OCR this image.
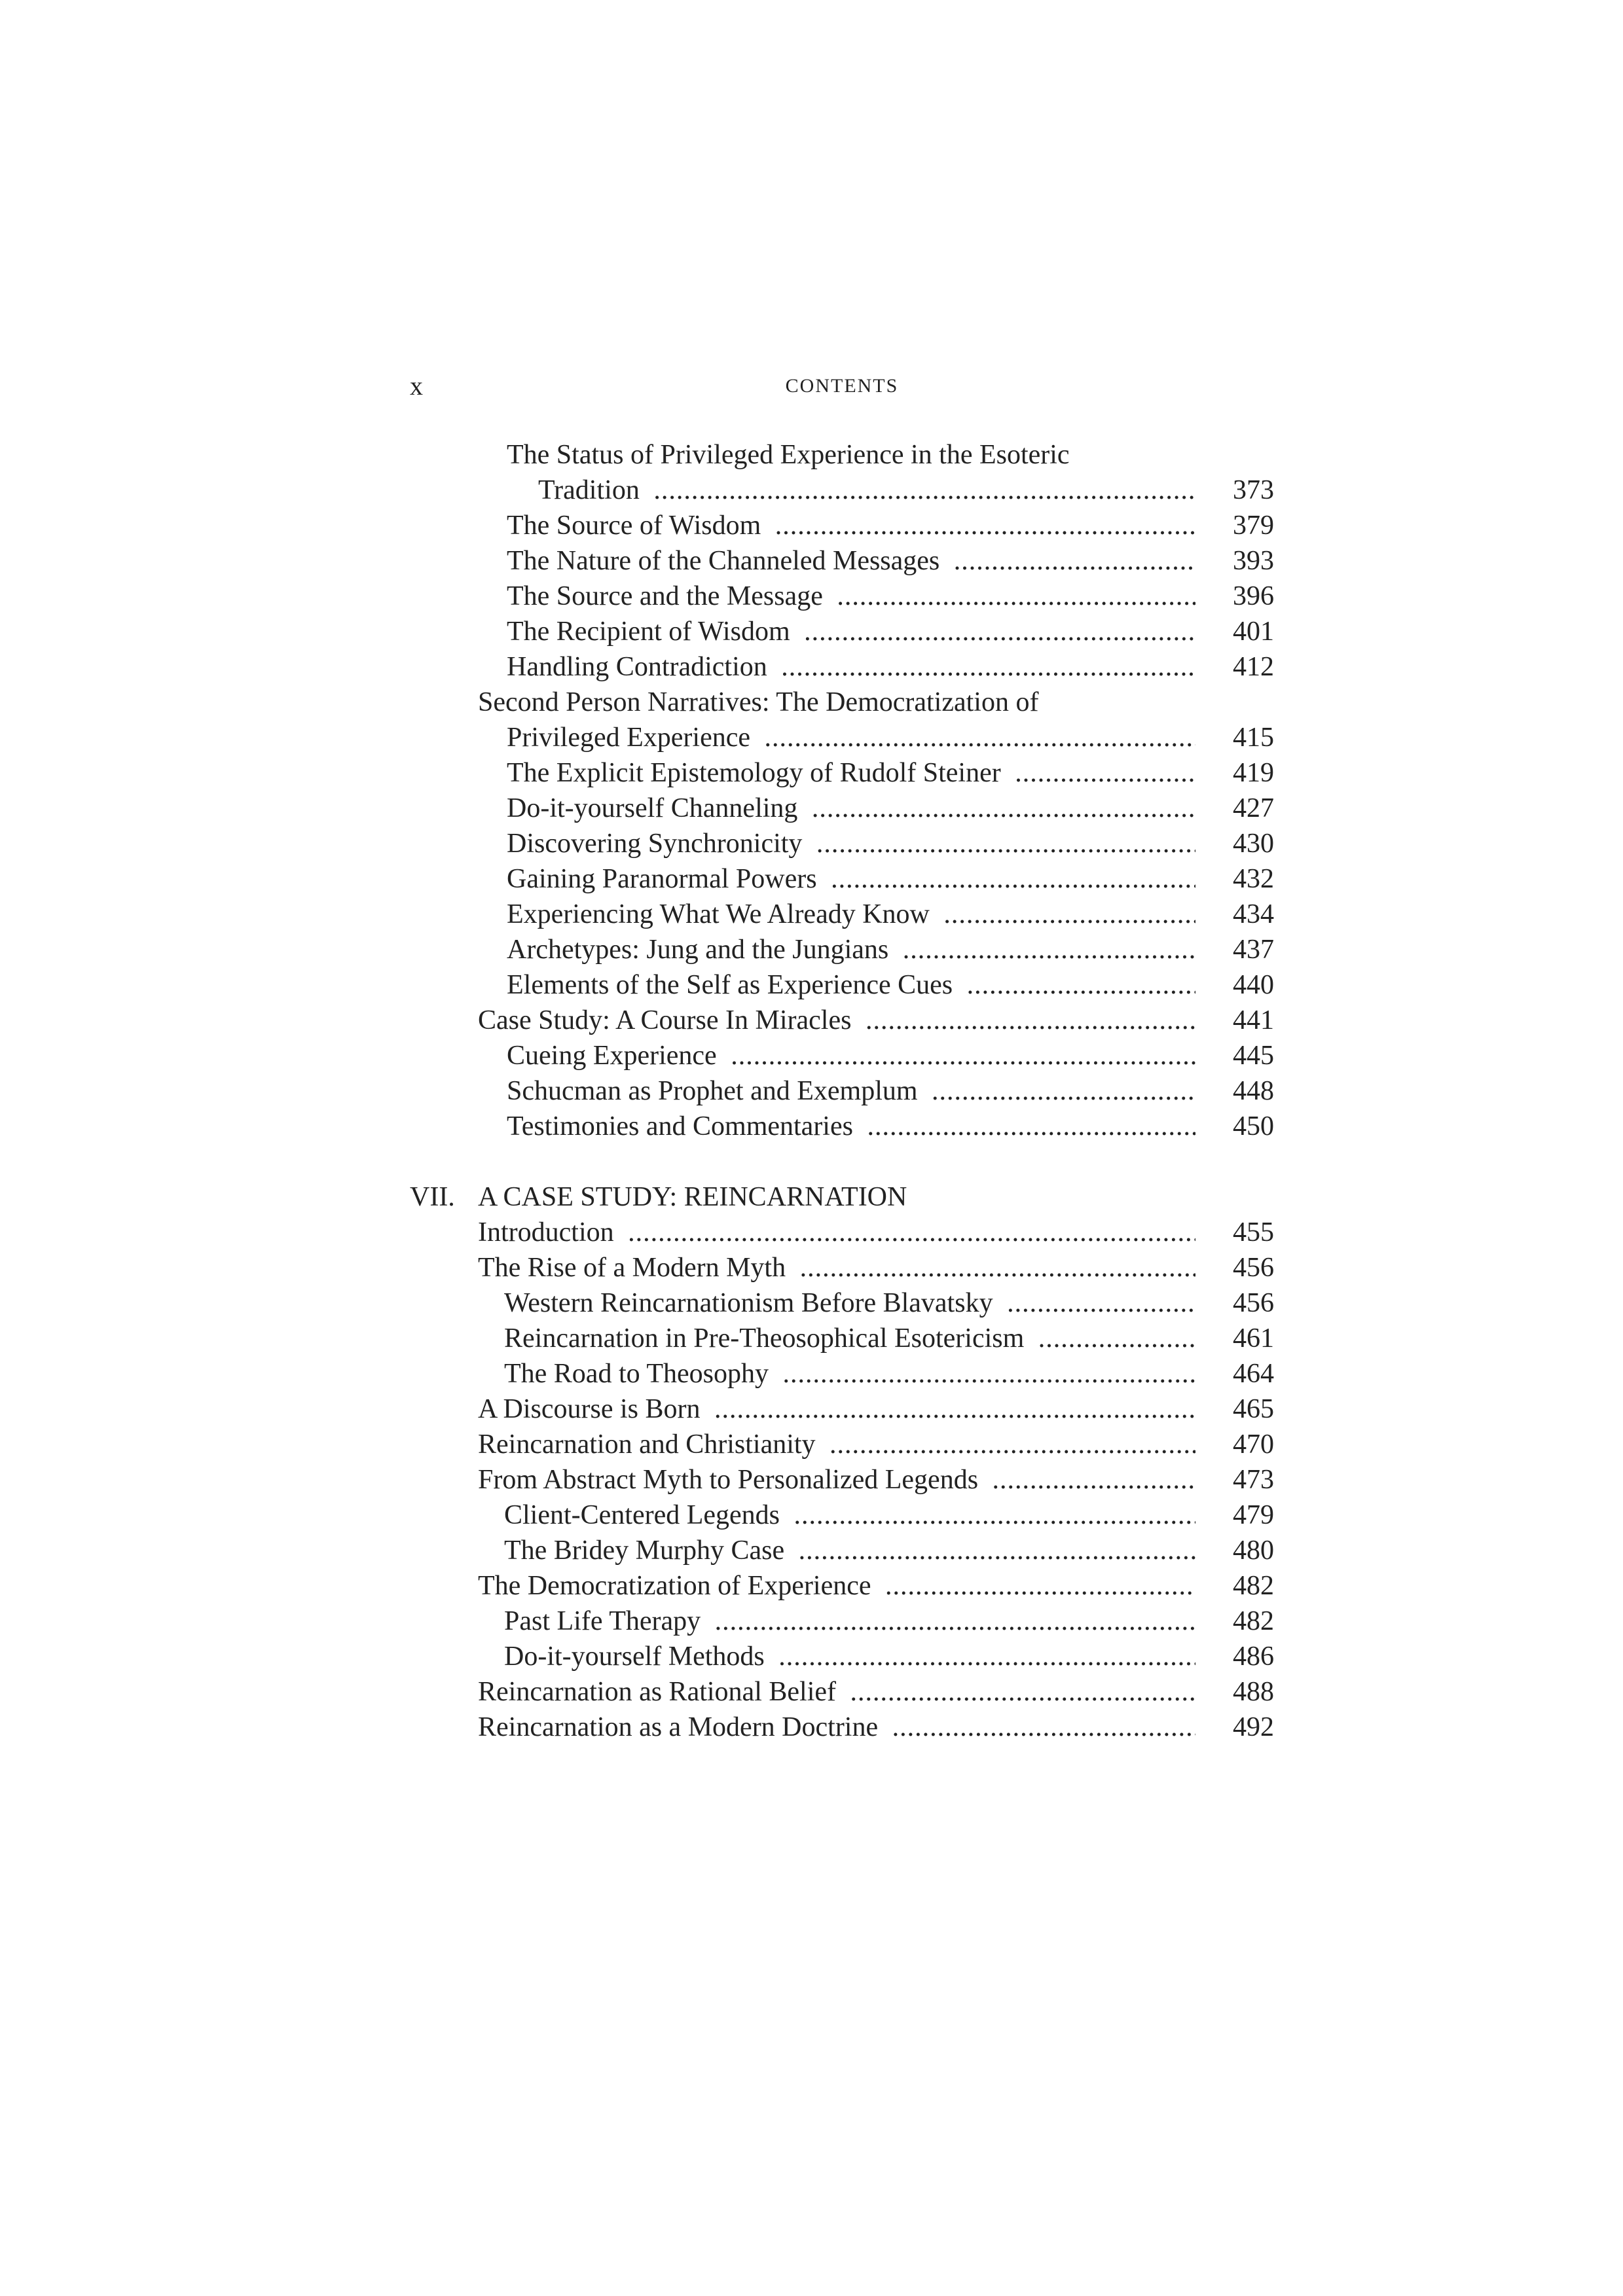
x	CONTENTS
The Status of Privileged Experience in the Esoteric
Tradition .....	373
The Source of Wisdom .....	379
The Nature of the Channeled Messages .....	393
The Source and the Message .....	396
The Recipient of Wisdom .....	401
Handling Contradiction .....	412
Second Person Narratives: The Democratization of
Privileged Experience .....	415
The Explicit Epistemology of Rudolf Steiner .....	419
Do-it-yourself Channeling .....	427
Discovering Synchronicity .....	430
Gaining Paranormal Powers .....	432
Experiencing What We Already Know .....	434
Archetypes: Jung and the Jungians .....	437
Elements of the Self as Experience Cues .....	440
Case Study: A Course In Miracles .....	441
Cueing Experience .....	445
Schucman as Prophet and Exemplum .....	448
Testimonies and Commentaries .....	450
VII. A CASE STUDY: REINCARNATION
Introduction .....	455
The Rise of a Modern Myth .....	456
Western Reincarnationism Before Blavatsky .....	456
Reincarnation in Pre-Theosophical Esotericism .....	461
The Road to Theosophy .....	464
A Discourse is Born .....	465
Reincarnation and Christianity .....	470
From Abstract Myth to Personalized Legends .....	473
Client-Centered Legends .....	479
The Bridey Murphy Case .....	480
The Democratization of Experience .....	482
Past Life Therapy .....	482
Do-it-yourself Methods .....	486
Reincarnation as Rational Belief .....	488
Reincarnation as a Modern Doctrine .....	492
